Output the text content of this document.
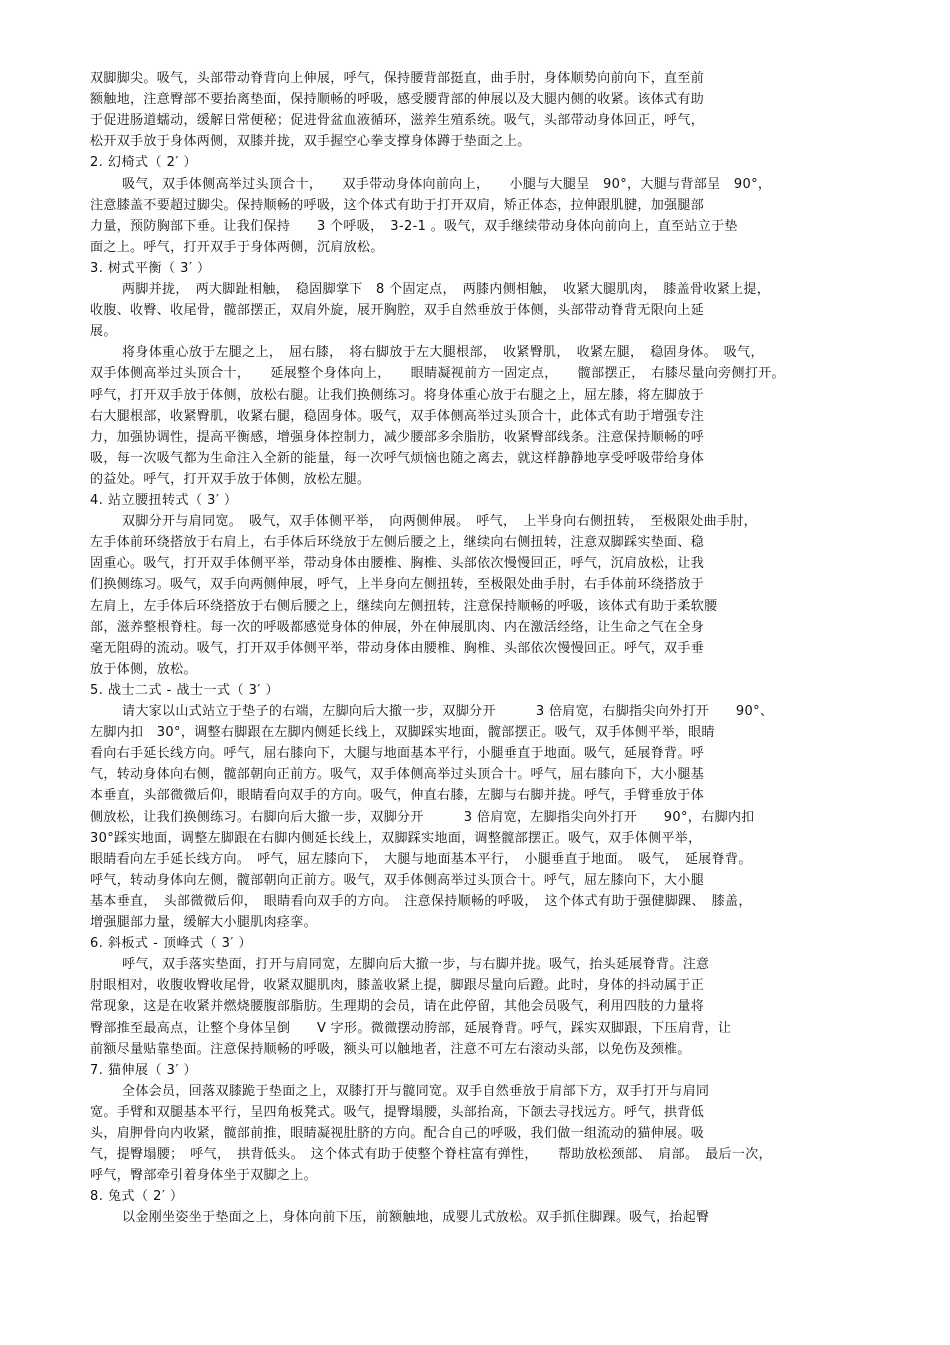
双脚脚尖。吸气，头部带动脊背向上伸展，呼气，保持腰背部挺直，曲手肘，身体顺势向前向下，直至前
额触地，注意臀部不要抬离垫面，保持顺畅的呼吸，感受腰背部的伸展以及大腿内侧的收紧。该体式有助
于促进肠道蠕动，缓解日常便秘；促进骨盆血液循环，滋养生殖系统。吸气，头部带动身体回正，呼气，
松开双手放于身体两侧，双膝并拢，双手握空心拳支撑身体蹲于垫面之上。
2. 幻椅式（ 2′ ）
吸气，双手体侧高举过头顶合十，　　双手带动身体向前向上，　　小腿与大腿呈　90°，大腿与背部呈　90°，
注意膝盖不要超过脚尖。保持顺畅的呼吸，这个体式有助于打开双肩，矫正体态，拉伸跟肌腱，加强腿部
力量，预防胸部下垂。让我们保持　　3 个呼吸，　3-2-1 。吸气，双手继续带动身体向前向上，直至站立于垫
面之上。呼气，打开双手于身体两侧，沉肩放松。
3. 树式平衡（ 3′ ）
两脚并拢，　两大脚趾相触，　稳固脚掌下　8 个固定点，　两膝内侧相触，　收紧大腿肌肉，　膝盖骨收紧上提，
收腹、收臀、收尾骨，髋部摆正，双肩外旋，展开胸腔，双手自然垂放于体侧，头部带动脊背无限向上延
展。
将身体重心放于左腿之上，　屈右膝，　将右脚放于左大腿根部，　收紧臀肌，　收紧左腿，　稳固身体。　吸气，
双手体侧高举过头顶合十，　　延展整个身体向上，　　眼睛凝视前方一固定点，　　髋部摆正，　右膝尽量向旁侧打开。
呼气，打开双手放于体侧，放松右腿。让我们换侧练习。将身体重心放于右腿之上，屈左膝，将左脚放于
右大腿根部，收紧臀肌，收紧右腿，稳固身体。吸气，双手体侧高举过头顶合十，此体式有助于增强专注
力，加强协调性，提高平衡感，增强身体控制力，减少腰部多余脂肪，收紧臀部线条。注意保持顺畅的呼
吸，每一次吸气都为生命注入全新的能量，每一次呼气烦恼也随之离去，就这样静静地享受呼吸带给身体
的益处。呼气，打开双手放于体侧，放松左腿。
4. 站立腰扭转式（ 3′ ）
双脚分开与肩同宽。　吸气，双手体侧平举，　向两侧伸展。　呼气，　上半身向右侧扭转，　至极限处曲手肘，
左手体前环绕搭放于右肩上，右手体后环绕放于左侧后腰之上，继续向右侧扭转，注意双脚踩实垫面、稳
固重心。吸气，打开双手体侧平举，带动身体由腰椎、胸椎、头部依次慢慢回正，呼气，沉肩放松，让我
们换侧练习。吸气，双手向两侧伸展，呼气，上半身向左侧扭转，至极限处曲手肘，右手体前环绕搭放于
左肩上，左手体后环绕搭放于右侧后腰之上，继续向左侧扭转，注意保持顺畅的呼吸，该体式有助于柔软腰
部，滋养整根脊柱。每一次的呼吸都感觉身体的伸展，外在伸展肌肉、内在激活经络，让生命之气在全身
毫无阻碍的流动。吸气，打开双手体侧平举，带动身体由腰椎、胸椎、头部依次慢慢回正。呼气，双手垂
放于体侧，放松。
5. 战士二式 - 战士一式（ 3′ ）
请大家以山式站立于垫子的右端，左脚向后大撤一步，双脚分开　　　3 倍肩宽，右脚指尖向外打开　　90°、
左脚内扣　30°，调整右脚跟在左脚内侧延长线上，双脚踩实地面，髋部摆正。吸气，双手体侧平举，眼睛
看向右手延长线方向。呼气，屈右膝向下，大腿与地面基本平行，小腿垂直于地面。吸气，延展脊背。呼
气，转动身体向右侧，髋部朝向正前方。吸气，双手体侧高举过头顶合十。呼气，屈右膝向下，大小腿基
本垂直，头部微微后仰，眼睛看向双手的方向。吸气，伸直右膝，左脚与右脚并拢。呼气，手臂垂放于体
侧放松，让我们换侧练习。右脚向后大撤一步，双脚分开　　　3 倍肩宽，左脚指尖向外打开　　90°，右脚内扣
30°踩实地面，调整左脚跟在右脚内侧延长线上，双脚踩实地面，调整髋部摆正。吸气，双手体侧平举，
眼睛看向左手延长线方向。　呼气，屈左膝向下，　大腿与地面基本平行，　小腿垂直于地面。　吸气，　延展脊背。
呼气，转动身体向左侧，髋部朝向正前方。吸气，双手体侧高举过头顶合十。呼气，屈左膝向下，大小腿
基本垂直，　头部微微后仰，　眼睛看向双手的方向。　注意保持顺畅的呼吸，　这个体式有助于强健脚踝、　膝盖，
增强腿部力量，缓解大小腿肌肉痉挛。
6. 斜板式 - 顶峰式（ 3′ ）
呼气，双手落实垫面，打开与肩同宽，左脚向后大撤一步，与右脚并拢。吸气，抬头延展脊背。注意
肘眼相对，收腹收臀收尾骨，收紧双腿肌肉，膝盖收紧上提，脚跟尽量向后蹬。此时，身体的抖动属于正
常现象，这是在收紧并燃烧腰腹部脂肪。生理期的会员，请在此停留，其他会员吸气，利用四肢的力量将
臀部推至最高点，让整个身体呈倒　　V 字形。微微摆动胯部，延展脊背。呼气，踩实双脚跟，下压肩背，让
前额尽量贴靠垫面。注意保持顺畅的呼吸，额头可以触地者，注意不可左右滚动头部，以免伤及颈椎。
7. 猫伸展（ 3′ ）
全体会员，回落双膝跪于垫面之上，双膝打开与髋同宽。双手自然垂放于肩部下方，双手打开与肩同
宽。手臂和双腿基本平行，呈四角板凳式。吸气，提臀塌腰，头部抬高，下颌去寻找远方。呼气，拱背低
头，肩胛骨向内收紧，髋部前推，眼睛凝视肚脐的方向。配合自己的呼吸，我们做一组流动的猫伸展。吸
气，提臀塌腰；　呼气，　拱背低头。　这个体式有助于使整个脊柱富有弹性，　　帮助放松颈部、　肩部。　最后一次，
呼气，臀部牵引着身体坐于双脚之上。
8. 兔式（ 2′ ）
以金刚坐姿坐于垫面之上，身体向前下压，前额触地，成婴儿式放松。双手抓住脚踝。吸气，抬起臀
